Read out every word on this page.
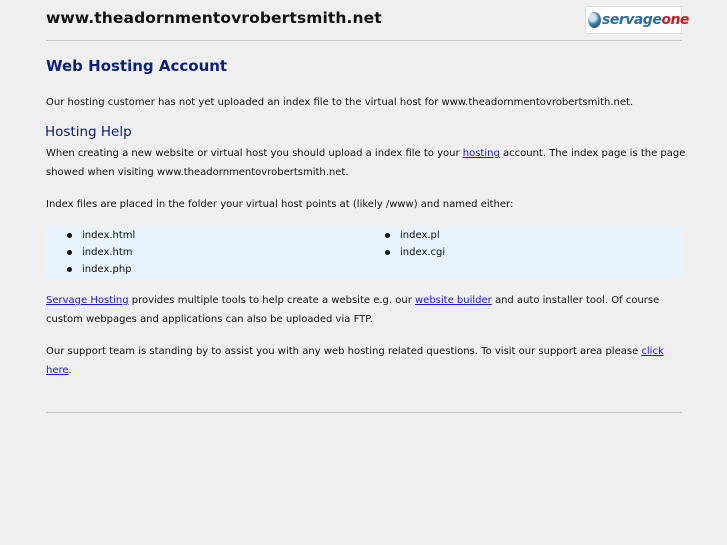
www.theadornmentovrobertsmith.net	servageone
Web Hosting Account
Our hosting customer has not yet uploaded an index file to the virtual host for www.theadornmentovrobertsmith.net.
Hosting Help
When creating a new website or virtual host you should upload a index file to your hosting account. The index page is the page showed when visiting www.theadornmentovrobertsmith.net.
Index files are placed in the folder your virtual host points at (likely /www) and named either:
index.html
index.htm
index.php
index.pl
index.cgi
Servage Hosting provides multiple tools to help create a website e.g. our website builder and auto installer tool. Of course custom webpages and applications can also be uploaded via FTP.
Our support team is standing by to assist you with any web hosting related questions. To visit our support area please click here.
